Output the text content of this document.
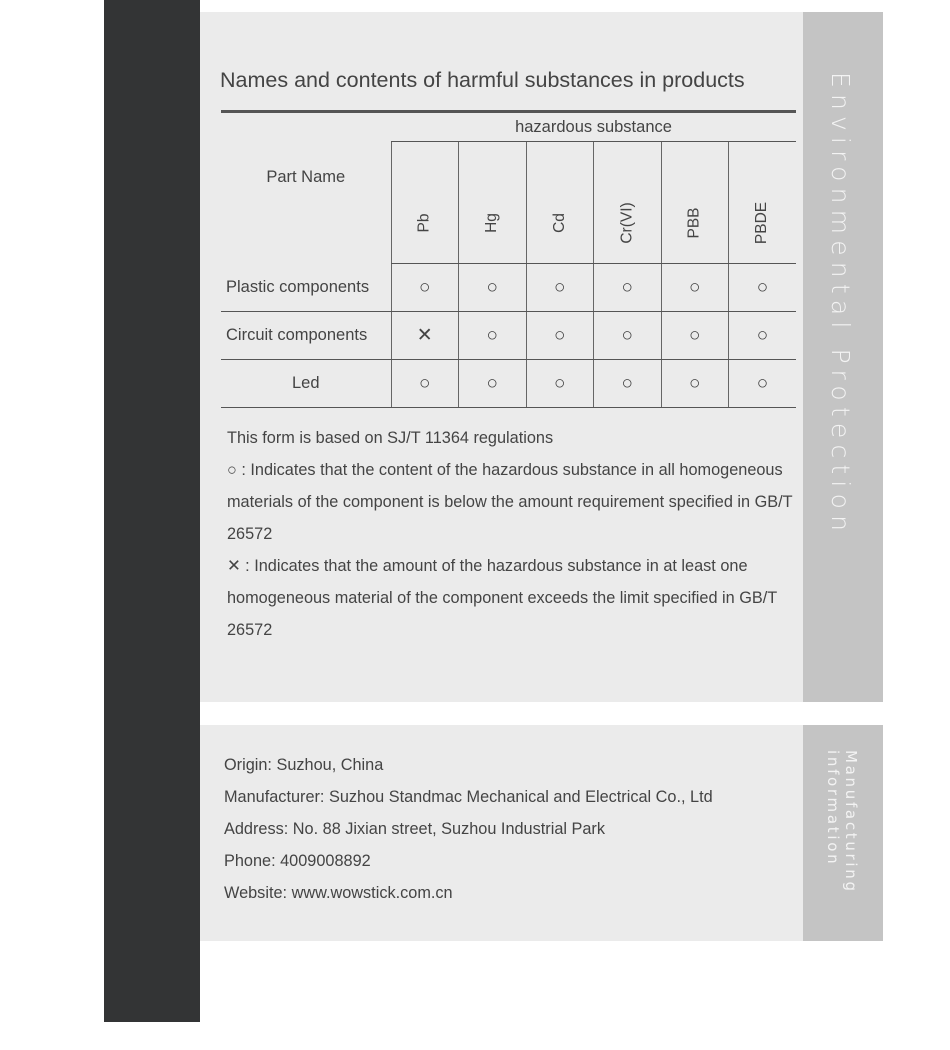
Environmental Protection
Names and contents of harmful substances in products
Part Name	hazardous substance					
	Pb	Hg	Cd	Cr(VI)	PBB	PBDE
Plastic components	○	○	○	○	○	○
Circuit components	✕	○	○	○	○	○
Led	○	○	○	○	○	○

This form is based on SJ/T 11364 regulations

○ : Indicates that the content of the hazardous substance in all homogeneous materials of the component is below the amount requirement specified in GB/T 26572

✕ : Indicates that the amount of the hazardous substance in at least one homogeneous material of the component exceeds the limit specified in GB/T 26572

Manufacturing
information

Origin: Suzhou, China

Manufacturer: Suzhou Standmac Mechanical and Electrical Co., Ltd

Address: No. 88 Jixian street, Suzhou Industrial Park

Phone: 4009008892

Website: www.wowstick.com.cn
